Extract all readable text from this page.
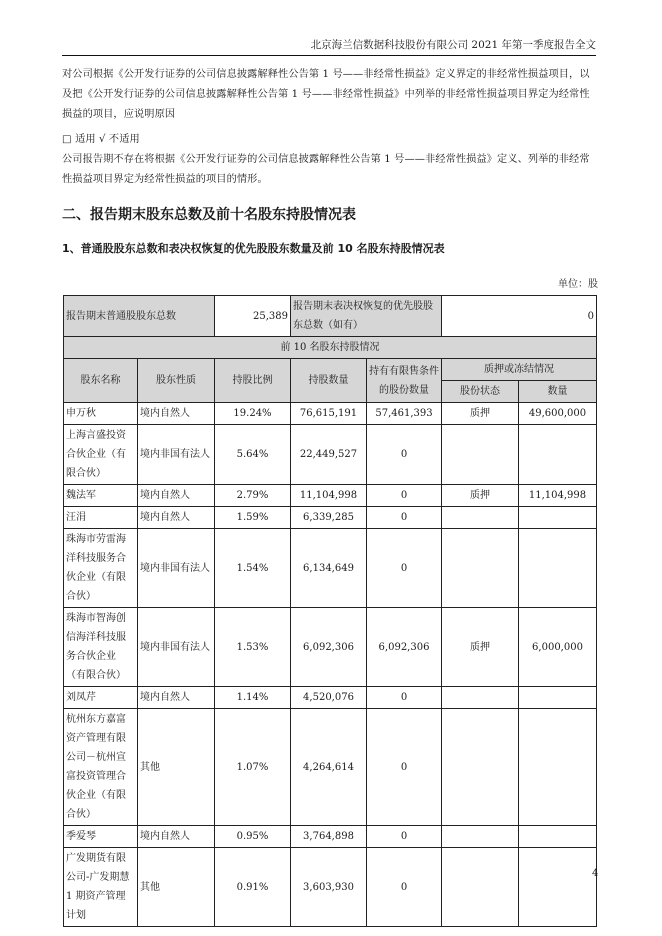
北京海兰信数据科技股份有限公司 2021 年第一季度报告全文
对公司根据《公开发行证券的公司信息披露解释性公告第 1 号——非经常性损益》定义界定的非经常性损益项目，以及把《公开发行证券的公司信息披露解释性公告第 1 号——非经常性损益》中列举的非经常性损益项目界定为经常性损益的项目，应说明原因
□ 适用 √ 不适用
公司报告期不存在将根据《公开发行证券的公司信息披露解释性公告第 1 号——非经常性损益》定义、列举的非经常性损益项目界定为经常性损益的项目的情形。
二、报告期末股东总数及前十名股东持股情况表
1、普通股股东总数和表决权恢复的优先股股东数量及前 10 名股东持股情况表
单位：股
报告期末普通股股东总数		25,389	报告期末表决权恢复的优先股股东总数（如有）		0	
前 10 名股东持股情况						
股东名称	股东性质	持股比例	持股数量	持有有限售条件的股份数量	质押或冻结情况	
					股份状态	数量
申万秋	境内自然人	19.24%	76,615,191	57,461,393	质押	49,600,000
上海言盛投资合伙企业（有限合伙）	境内非国有法人	5.64%	22,449,527	0		
魏法军	境内自然人	2.79%	11,104,998	0	质押	11,104,998
汪涓	境内自然人	1.59%	6,339,285	0		
珠海市劳雷海洋科技服务合伙企业（有限合伙）	境内非国有法人	1.54%	6,134,649	0		
珠海市智海创信海洋科技服务合伙企业（有限合伙）	境内非国有法人	1.53%	6,092,306	6,092,306	质押	6,000,000
刘凤芹	境内自然人	1.14%	4,520,076	0		
杭州东方嘉富资产管理有限公司－杭州宣富投资管理合伙企业（有限合伙）	其他	1.07%	4,264,614	0		
季爱琴	境内自然人	0.95%	3,764,898	0		
广发期货有限公司-广发期慧 1 期资产管理计划	其他	0.91%	3,603,930	0		
4
